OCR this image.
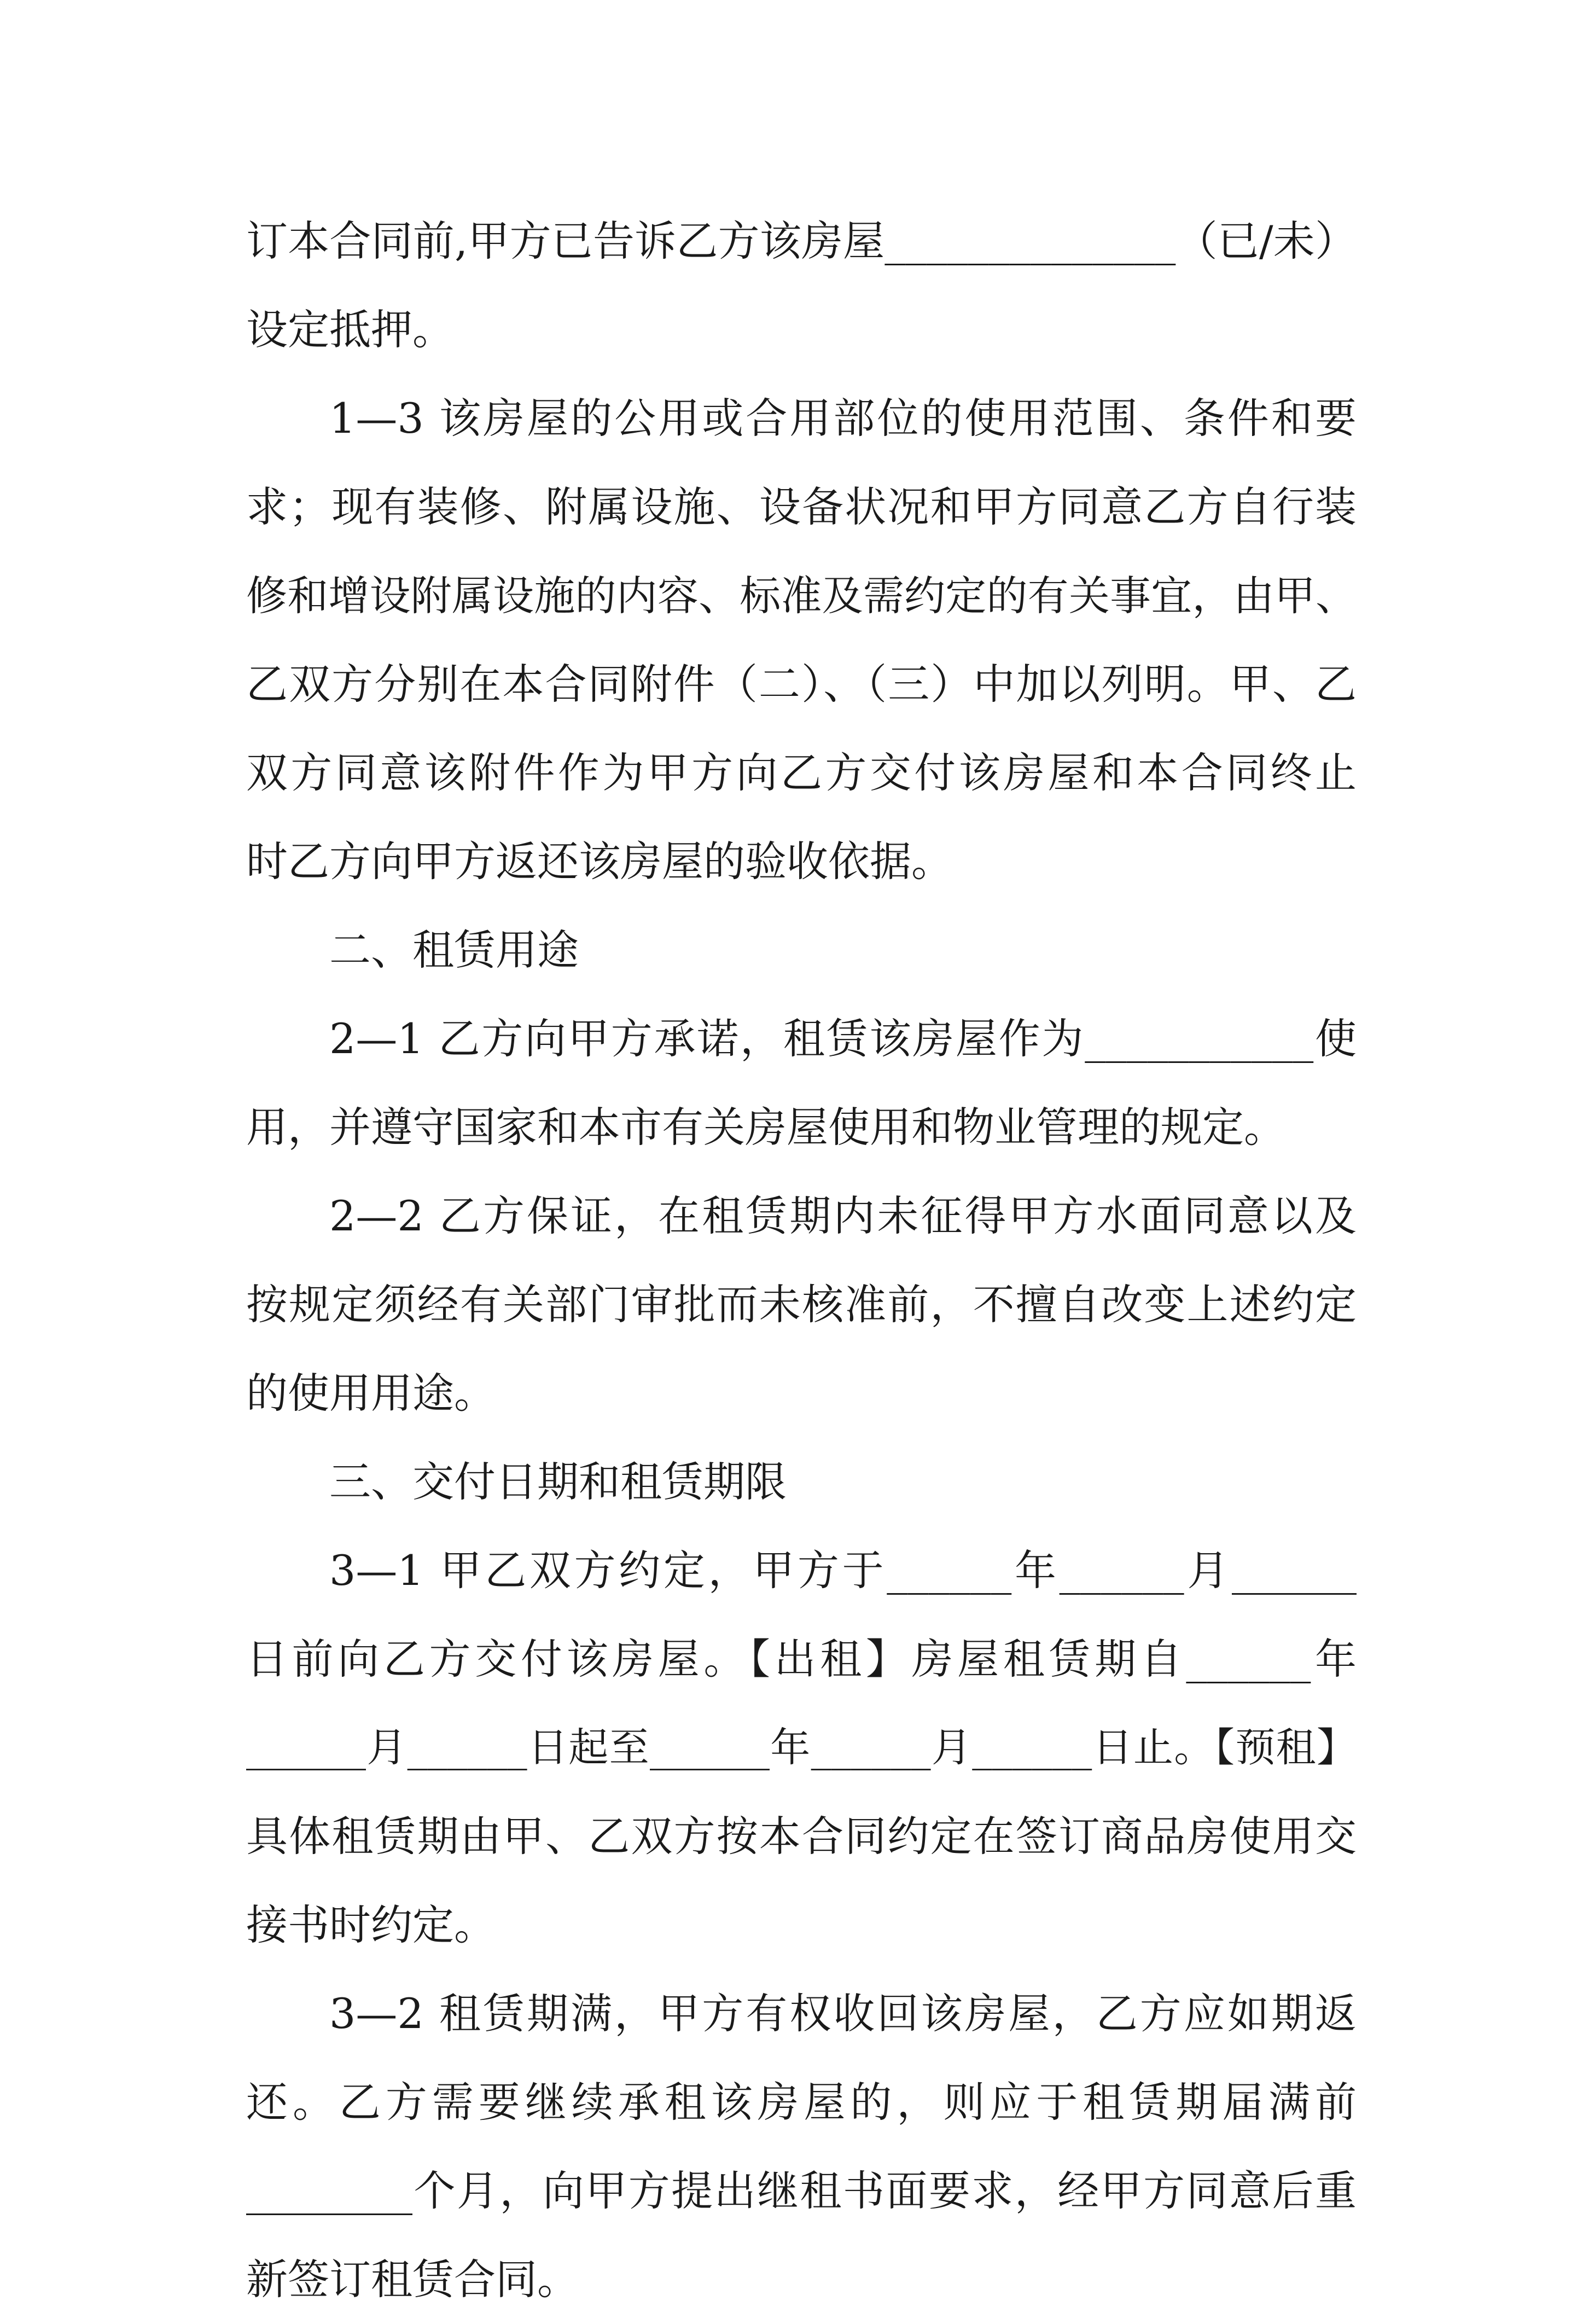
订本合同前,甲方已告诉乙方该房屋______________（已/未）
设定抵押。
1—3 该房屋的公用或合用部位的使用范围、条件和要
求；现有装修、附属设施、设备状况和甲方同意乙方自行装
修和增设附属设施的内容、标准及需约定的有关事宜，由甲、
乙双方分别在本合同附件（二）、（三）中加以列明。甲、乙
双方同意该附件作为甲方向乙方交付该房屋和本合同终止
时乙方向甲方返还该房屋的验收依据。
二、租赁用途
2—1 乙方向甲方承诺，租赁该房屋作为___________使
用，并遵守国家和本市有关房屋使用和物业管理的规定。
2—2 乙方保证，在租赁期内未征得甲方水面同意以及
按规定须经有关部门审批而未核准前，不擅自改变上述约定
的使用用途。
三、交付日期和租赁期限
3—1 甲乙双方约定，甲方于______年______月______
日前向乙方交付该房屋。【出租】房屋租赁期自______年
______月______日起至______年______月______日止。【预租】
具体租赁期由甲、乙双方按本合同约定在签订商品房使用交
接书时约定。
3—2 租赁期满，甲方有权收回该房屋，乙方应如期返
还。乙方需要继续承租该房屋的，则应于租赁期届满前
________个月，向甲方提出继租书面要求，经甲方同意后重
新签订租赁合同。
